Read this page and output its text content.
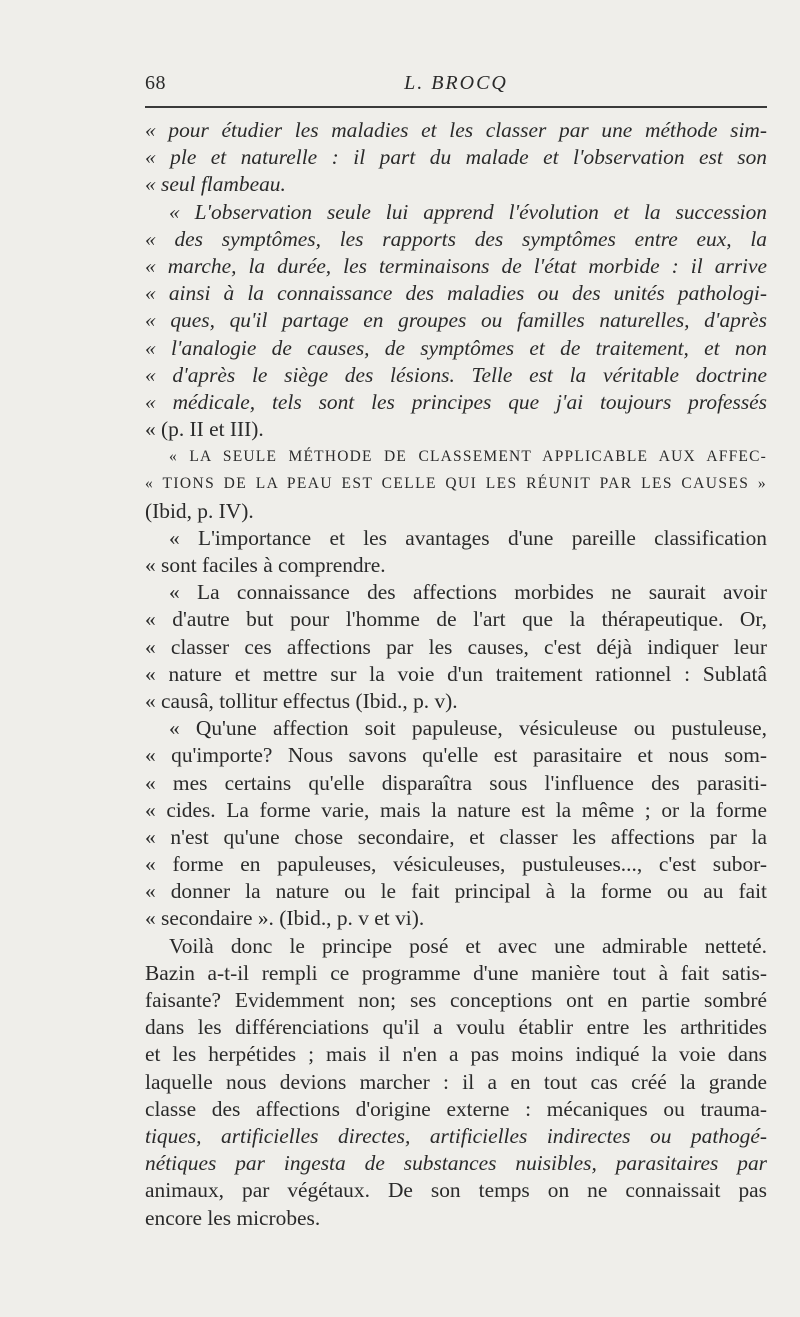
68	L. BROCQ
« pour étudier les maladies et les classer par une méthode sim-
« ple et naturelle : il part du malade et l'observation est son
« seul flambeau.
« L'observation seule lui apprend l'évolution et la succession
« des symptômes, les rapports des symptômes entre eux, la
« marche, la durée, les terminaisons de l'état morbide : il arrive
« ainsi à la connaissance des maladies ou des unités pathologi-
« ques, qu'il partage en groupes ou familles naturelles, d'après
« l'analogie de causes, de symptômes et de traitement, et non
« d'après le siège des lésions. Telle est la véritable doctrine
« médicale, tels sont les principes que j'ai toujours professés
« (p. II et III).
« LA SEULE MÉTHODE DE CLASSEMENT APPLICABLE AUX AFFEC-
« TIONS DE LA PEAU EST CELLE QUI LES RÉUNIT PAR LES CAUSES »
(Ibid, p. IV).
« L'importance et les avantages d'une pareille classification
« sont faciles à comprendre.
« La connaissance des affections morbides ne saurait avoir
« d'autre but pour l'homme de l'art que la thérapeutique. Or,
« classer ces affections par les causes, c'est déjà indiquer leur
« nature et mettre sur la voie d'un traitement rationnel : Sublatâ
« causâ, tollitur effectus (Ibid., p. v).
« Qu'une affection soit papuleuse, vésiculeuse ou pustuleuse,
« qu'importe? Nous savons qu'elle est parasitaire et nous som-
« mes certains qu'elle disparaîtra sous l'influence des parasiti-
« cides. La forme varie, mais la nature est la même ; or la forme
« n'est qu'une chose secondaire, et classer les affections par la
« forme en papuleuses, vésiculeuses, pustuleuses..., c'est subor-
« donner la nature ou le fait principal à la forme ou au fait
« secondaire ». (Ibid., p. v et vi).
Voilà donc le principe posé et avec une admirable netteté.
Bazin a-t-il rempli ce programme d'une manière tout à fait satis-
faisante? Evidemment non; ses conceptions ont en partie sombré
dans les différenciations qu'il a voulu établir entre les arthritides
et les herpétides ; mais il n'en a pas moins indiqué la voie dans
laquelle nous devions marcher : il a en tout cas créé la grande
classe des affections d'origine externe : mécaniques ou trauma-
tiques, artificielles directes, artificielles indirectes ou pathogé-
nétiques par ingesta de substances nuisibles, parasitaires par
animaux, par végétaux. De son temps on ne connaissait pas
encore les microbes.
